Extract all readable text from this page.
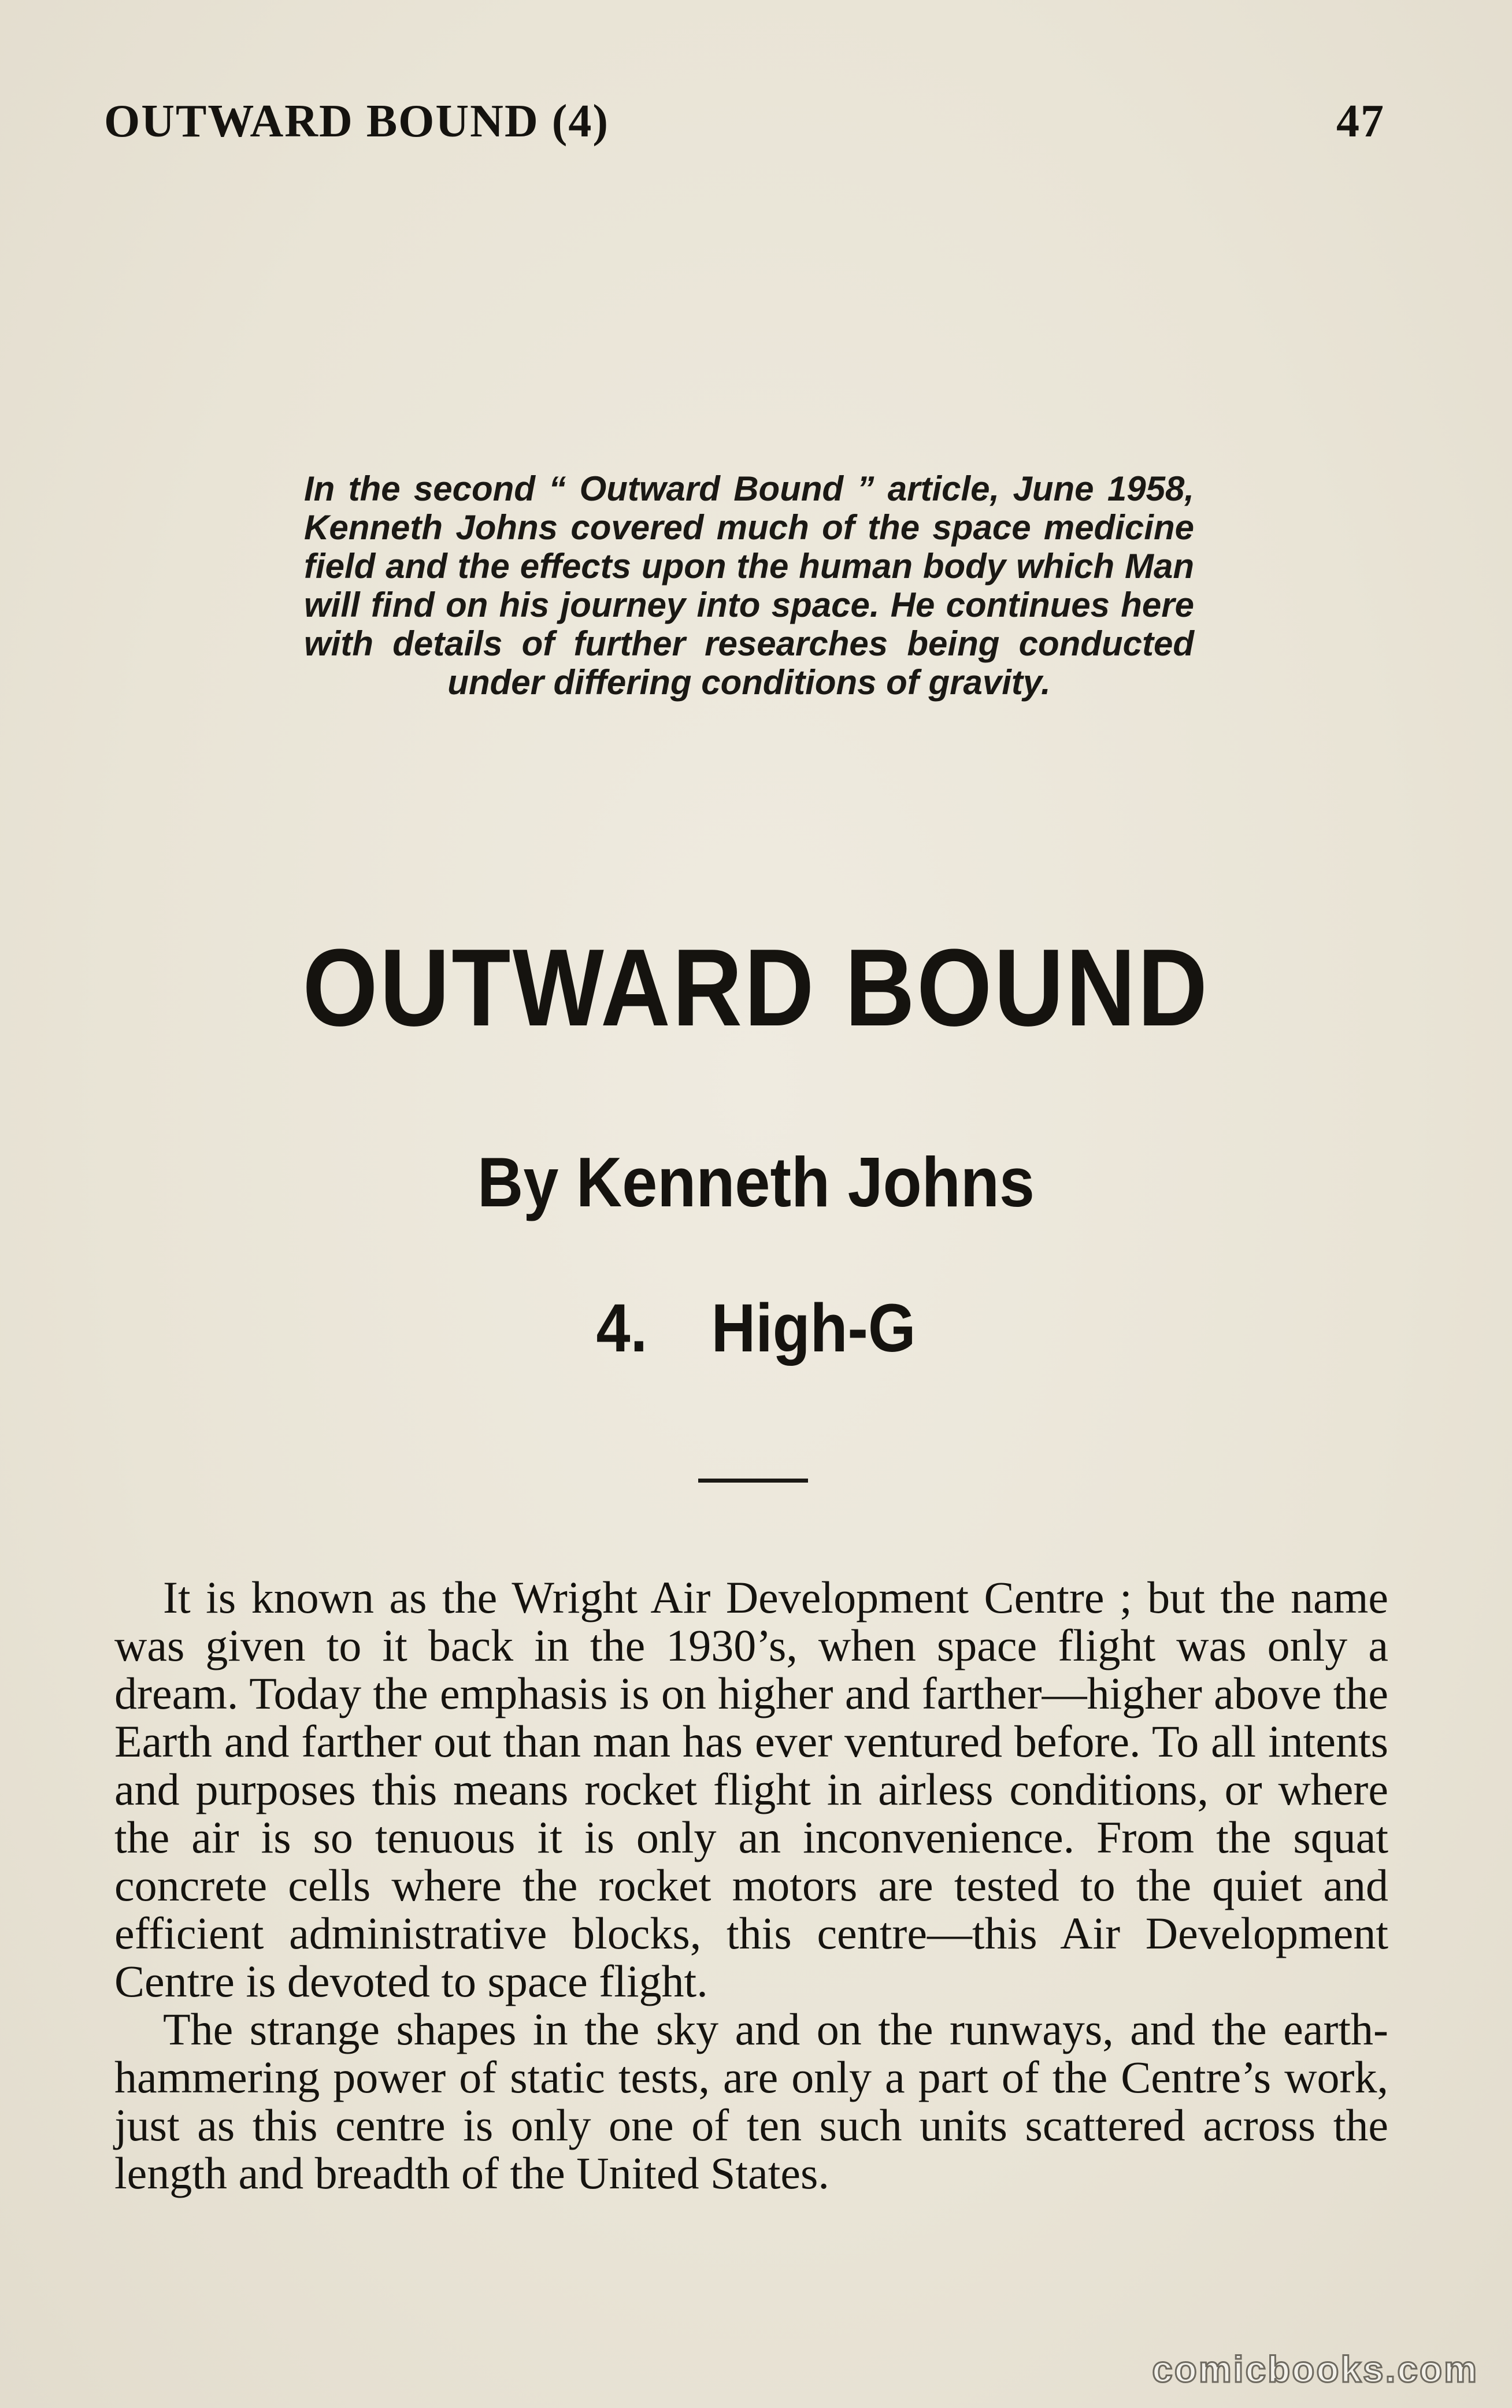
OUTWARD BOUND (4)	47
In the second “ Outward Bound ” article, June 1958, Kenneth Johns covered much of the space medicine field and the effects upon the human body which Man will find on his journey into space. He continues here with details of further researches being conducted under differing conditions of gravity.
OUTWARD BOUND
By Kenneth Johns
4. High-G

It is known as the Wright Air Development Centre ; but the name was given to it back in the 1930’s, when space flight was only a dream. Today the emphasis is on higher and farther—higher above the Earth and farther out than man has ever ventured before. To all intents and purposes this means rocket flight in airless conditions, or where the air is so tenuous it is only an inconvenience. From the squat concrete cells where the rocket motors are tested to the quiet and efficient administrative blocks, this centre—this Air Development Centre is devoted to space flight.

The strange shapes in the sky and on the runways, and the earth-hammering power of static tests, are only a part of the Centre’s work, just as this centre is only one of ten such units scattered across the length and breadth of the United States.

comicbooks.com
